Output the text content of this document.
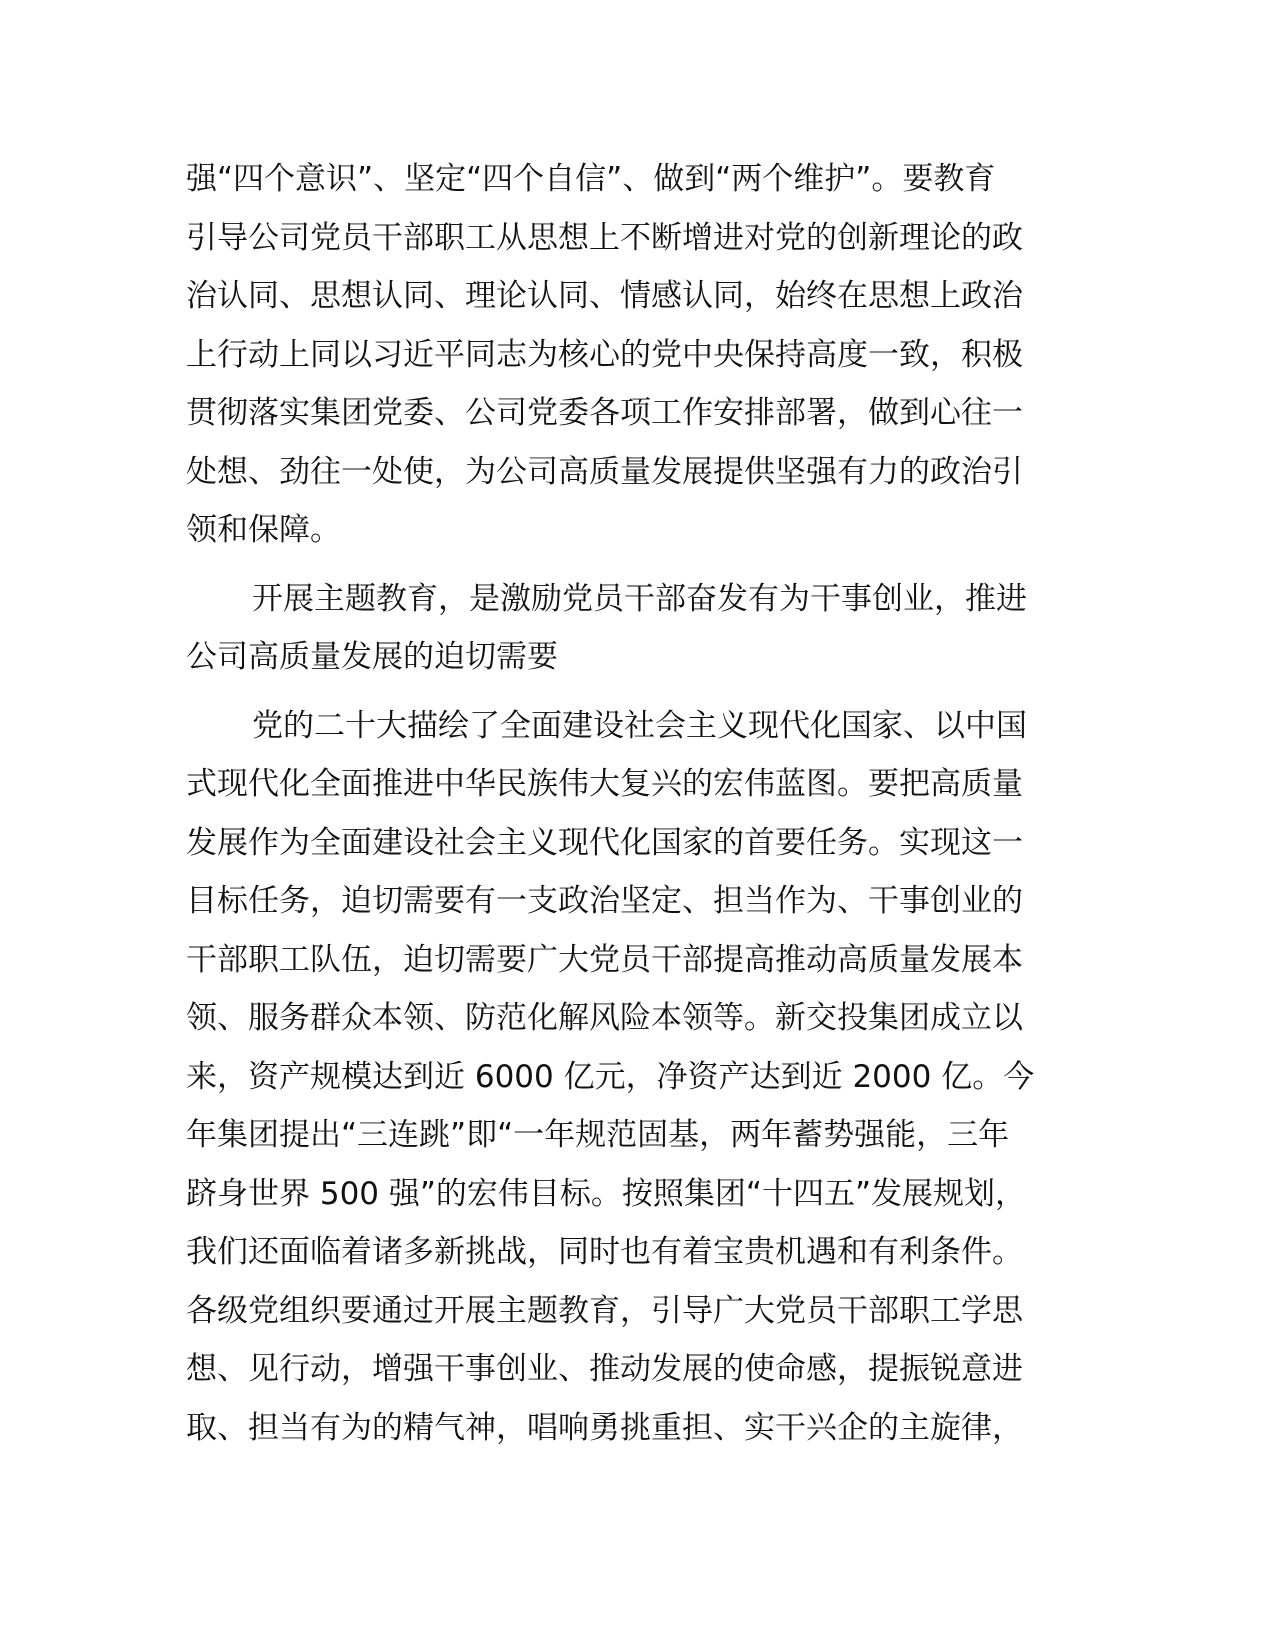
强“四个意识”、坚定“四个自信”、做到“两个维护”。要教育
引导公司党员干部职工从思想上不断增进对党的创新理论的政
治认同、思想认同、理论认同、情感认同，始终在思想上政治
上行动上同以习近平同志为核心的党中央保持高度一致，积极
贯彻落实集团党委、公司党委各项工作安排部署，做到心往一
处想、劲往一处使，为公司高质量发展提供坚强有力的政治引
领和保障。
开展主题教育，是激励党员干部奋发有为干事创业，推进
公司高质量发展的迫切需要
党的二十大描绘了全面建设社会主义现代化国家、以中国
式现代化全面推进中华民族伟大复兴的宏伟蓝图。要把高质量
发展作为全面建设社会主义现代化国家的首要任务。实现这一
目标任务，迫切需要有一支政治坚定、担当作为、干事创业的
干部职工队伍，迫切需要广大党员干部提高推动高质量发展本
领、服务群众本领、防范化解风险本领等。新交投集团成立以
来，资产规模达到近 6000 亿元，净资产达到近 2000 亿。今
年集团提出“三连跳”即“一年规范固基，两年蓄势强能，三年
跻身世界 500 强”的宏伟目标。按照集团“十四五”发展规划，
我们还面临着诸多新挑战，同时也有着宝贵机遇和有利条件。
各级党组织要通过开展主题教育，引导广大党员干部职工学思
想、见行动，增强干事创业、推动发展的使命感，提振锐意进
取、担当有为的精气神，唱响勇挑重担、实干兴企的主旋律，
